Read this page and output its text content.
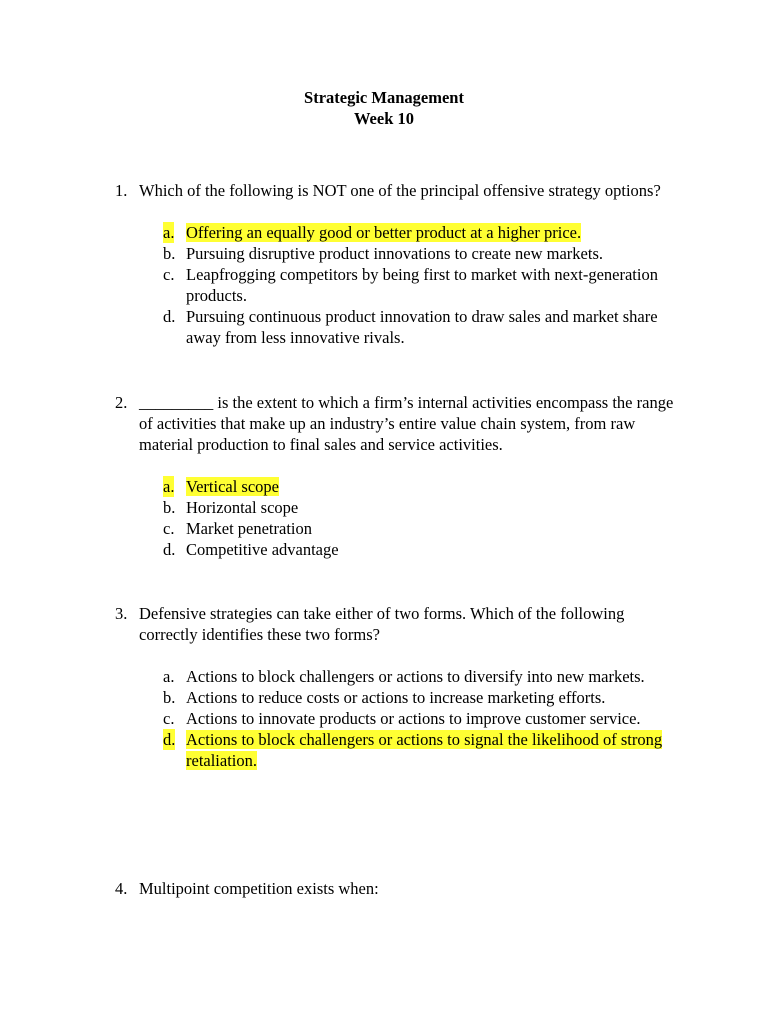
Strategic Management
Week 10
1. Which of the following is NOT one of the principal offensive strategy options?
a. Offering an equally good or better product at a higher price.
b. Pursuing disruptive product innovations to create new markets.
c. Leapfrogging competitors by being first to market with next-generation products.
d. Pursuing continuous product innovation to draw sales and market share away from less innovative rivals.
2. _________ is the extent to which a firm’s internal activities encompass the range of activities that make up an industry’s entire value chain system, from raw material production to final sales and service activities.
a. Vertical scope
b. Horizontal scope
c. Market penetration
d. Competitive advantage
3. Defensive strategies can take either of two forms. Which of the following correctly identifies these two forms?
a. Actions to block challengers or actions to diversify into new markets.
b. Actions to reduce costs or actions to increase marketing efforts.
c. Actions to innovate products or actions to improve customer service.
d. Actions to block challengers or actions to signal the likelihood of strong retaliation.
4. Multipoint competition exists when:
